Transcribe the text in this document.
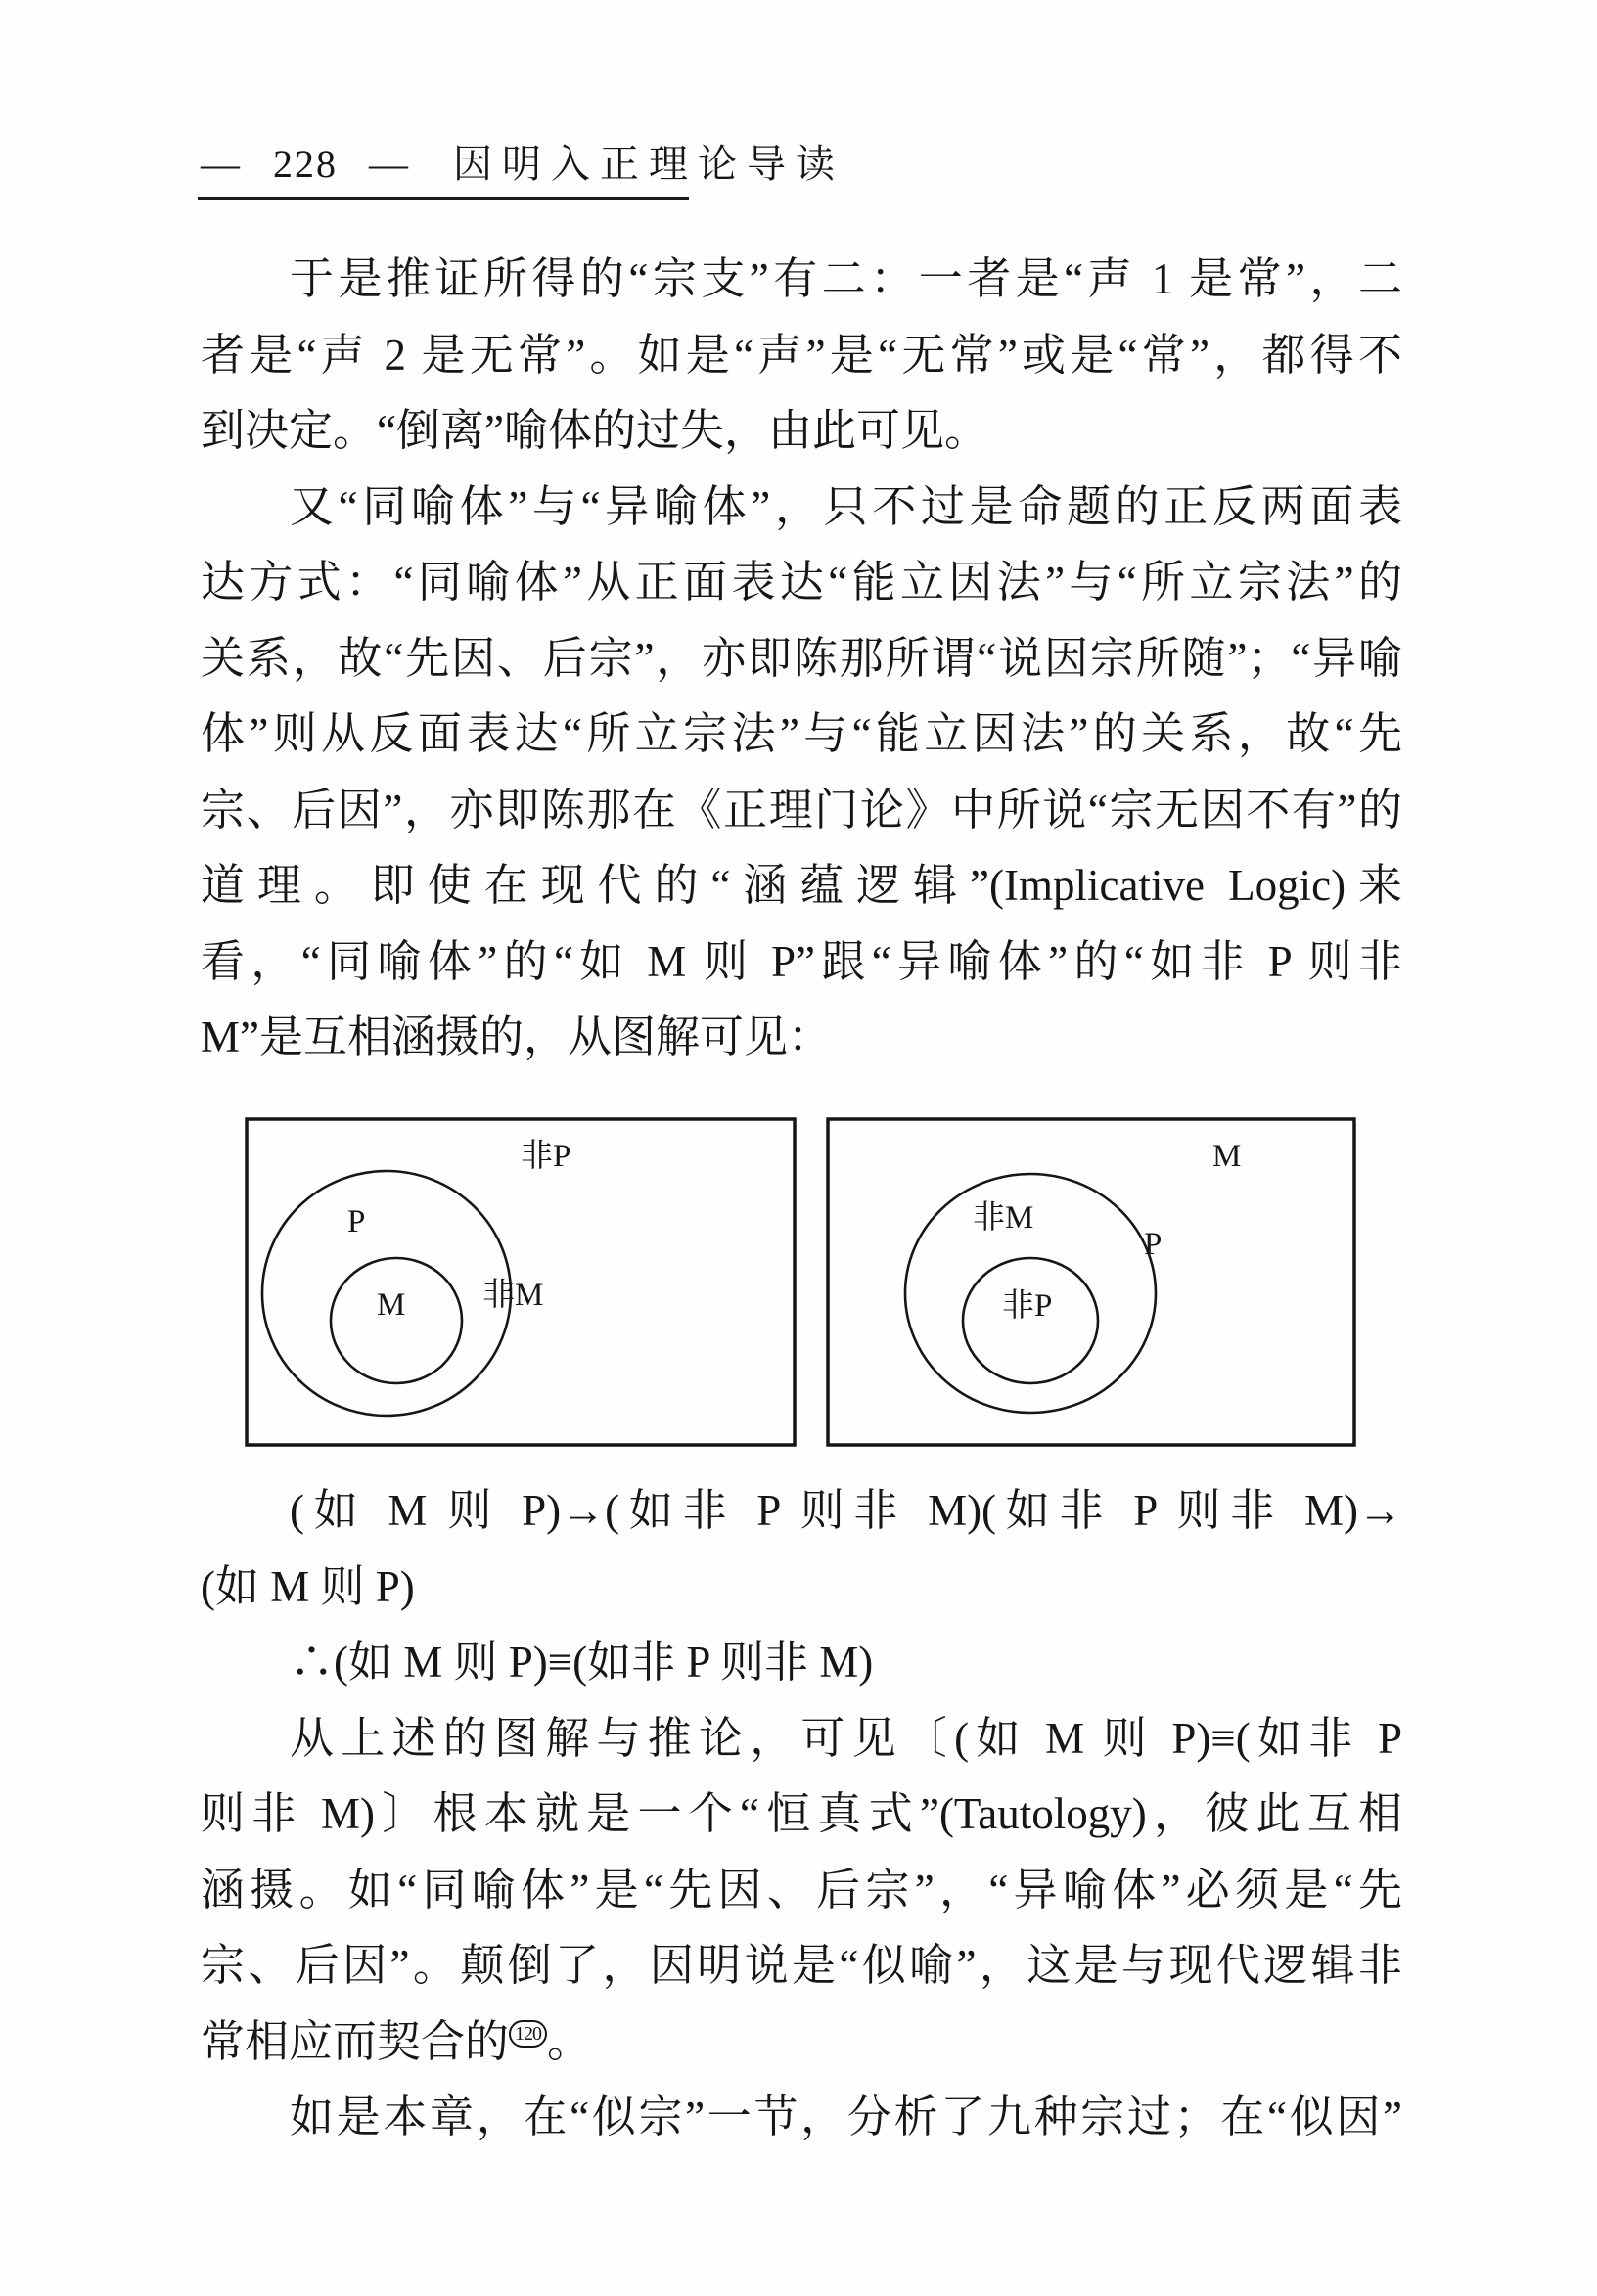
— 228 — 因明入正理论导读
于是推证所得的“宗支”有二：一者是“声 1 是常”，二
者是“声 2 是无常”。如是“声”是“无常”或是“常”，都得不
到决定。“倒离”喻体的过失，由此可见。
又“同喻体”与“异喻体”，只不过是命题的正反两面表
达方式：“同喻体”从正面表达“能立因法”与“所立宗法”的
关系，故“先因、后宗”，亦即陈那所谓“说因宗所随”；“异喻
体”则从反面表达“所立宗法”与“能立因法”的关系，故“先
宗、后因”，亦即陈那在《正理门论》中所说“宗无因不有”的
道理。即使在现代的“涵蕴逻辑”(Implicative Logic)来
看，“同喻体”的“如 M 则 P”跟“异喻体”的“如非 P 则非
M”是互相涵摄的，从图解可见：
非P
P
非M
M
M
非M
P
非P
(如 M 则 P)→(如非 P 则非 M)(如非 P 则非 M)→
(如 M 则 P)
∴(如 M 则 P)≡(如非 P 则非 M)
从上述的图解与推论，可见〔(如 M 则 P)≡(如非 P
则非 M)〕根本就是一个“恒真式”(Tautology)，彼此互相
涵摄。如“同喻体”是“先因、后宗”，“异喻体”必须是“先
宗、后因”。颠倒了，因明说是“似喻”，这是与现代逻辑非
常相应而契合的 120 。
如是本章，在“似宗”一节，分析了九种宗过；在“似因”
